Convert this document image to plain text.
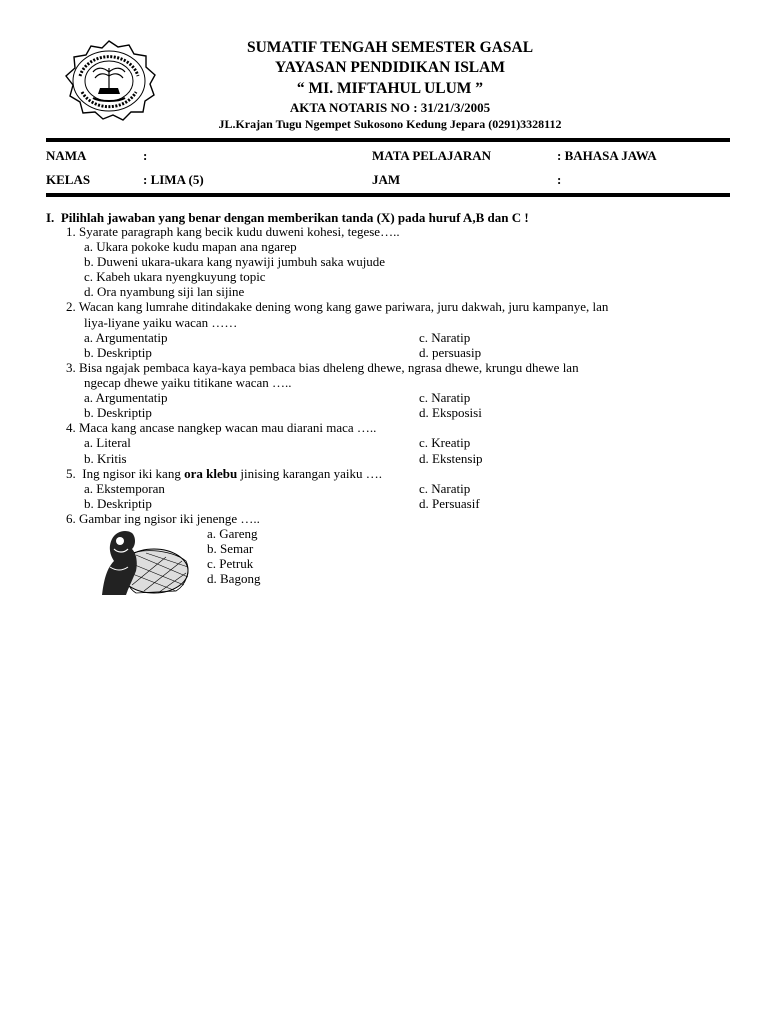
SUMATIF TENGAH SEMESTER GASAL
YAYASAN PENDIDIKAN ISLAM
“ MI. MIFTAHUL ULUM ”
AKTA NOTARIS NO : 31/21/3/2005
JL.Krajan Tugu Ngempet Sukosono Kedung Jepara (0291)3328112
NAMA	:	MATA PELAJARAN	: BAHASA JAWA
KELAS	: LIMA (5)	JAM	:
I. Pilihlah jawaban yang benar dengan memberikan tanda (X) pada huruf A,B dan C !
1. Syarate paragraph kang becik kudu duweni kohesi, tegese…..
a. Ukara pokoke kudu mapan ana ngarep
b. Duweni ukara-ukara kang nyawiji jumbuh saka wujude
c. Kabeh ukara nyengkuyung topic
d. Ora nyambung siji lan sijine
2. Wacan kang lumrahe ditindakake dening wong kang gawe pariwara, juru dakwah, juru kampanye, lan
liya-liyane yaiku wacan ……
a. Argumentatip	c. Naratip
b. Deskriptip	d. persuasip
3. Bisa ngajak pembaca kaya-kaya pembaca bias dheleng dhewe, ngrasa dhewe, krungu dhewe lan
ngecap dhewe yaiku titikane wacan …..
a. Argumentatip	c. Naratip
b. Deskriptip	d. Eksposisi
4. Maca kang ancase nangkep wacan mau diarani maca …..
a. Literal	c. Kreatip
b. Kritis	d. Ekstensip
5.  Ing ngisor iki kang ora klebu jinising karangan yaiku ….
a. Ekstemporan	c. Naratip
b. Deskriptip	d. Persuasif
6. Gambar ing ngisor iki jenenge …..
a. Gareng
b. Semar
c. Petruk
d. Bagong
